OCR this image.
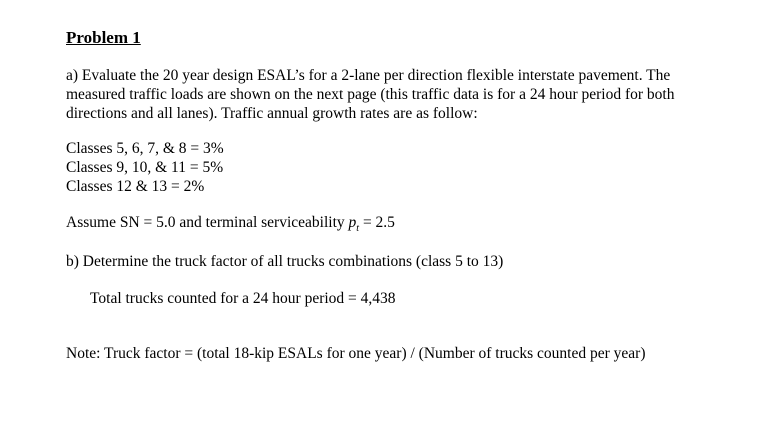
Problem 1
a) Evaluate the 20 year design ESAL’s for a 2-lane per direction flexible interstate pavement. The measured traffic loads are shown on the next page (this traffic data is for a 24 hour period for both directions and all lanes). Traffic annual growth rates are as follow:
Classes 5, 6, 7, & 8 = 3%
Classes 9, 10, & 11 = 5%
Classes 12 & 13 = 2%
Assume SN = 5.0 and terminal serviceability $p_t = 2.5$
b) Determine the truck factor of all trucks combinations (class 5 to 13)
Total trucks counted for a 24 hour period = 4,438
Note: Truck factor = (total 18-kip ESALs for one year) / (Number of trucks counted per year)
